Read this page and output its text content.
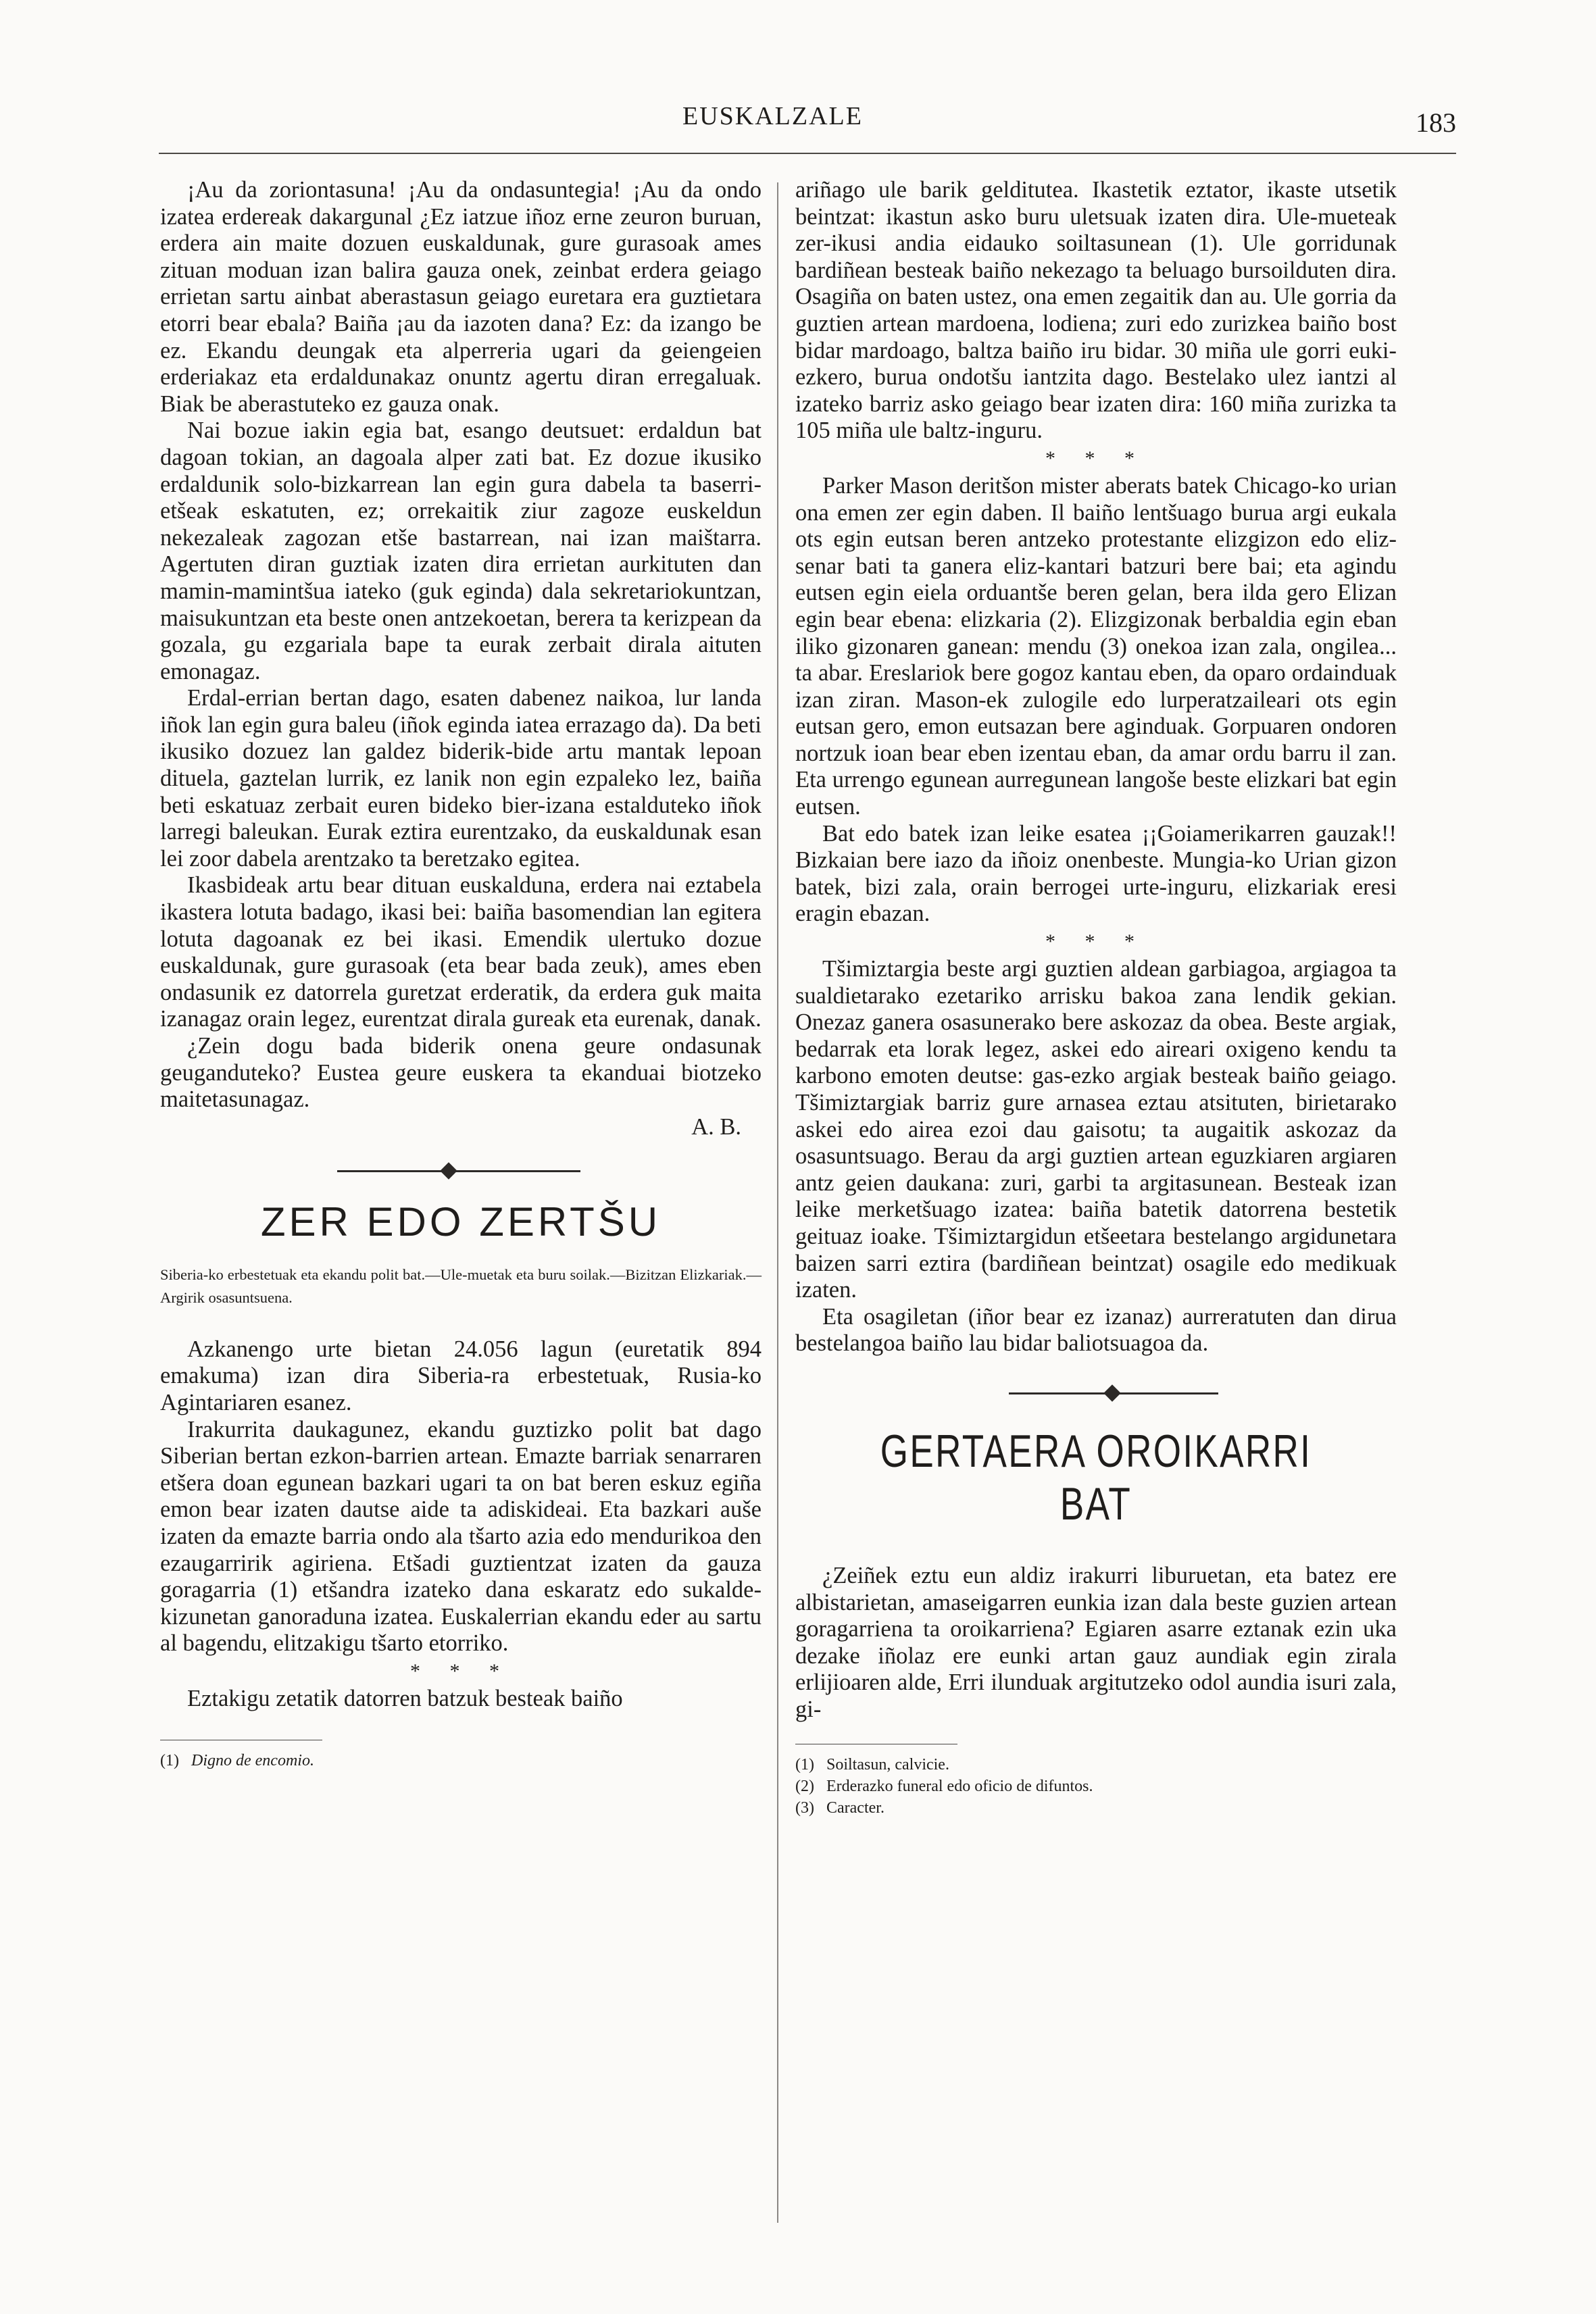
EUSKALZALE	183

¡Au da zoriontasuna! ¡Au da ondasuntegia! ¡Au da ondo izatea erdereak dakargunal ¿Ez iatzue iñoz erne zeuron buruan, erdera ain maite dozuen euskaldunak, gure gurasoak ames zituan moduan izan balira gauza onek, zeinbat erdera geiago errietan sartu ainbat aberastasun geiago euretara era guztietara etorri bear ebala? Baiña ¡au da iazoten dana? Ez: da izango be ez. Ekandu deungak eta alperreria ugari da geiengeien erderiakaz eta erdaldunakaz onuntz agertu diran erregaluak. Biak be aberastuteko ez gauza onak.

Nai bozue iakin egia bat, esango deutsuet: erdaldun bat dagoan tokian, an dagoala alper zati bat. Ez dozue ikusiko erdaldunik solo-bizkarrean lan egin gura dabela ta baserri-etšeak eskatuten, ez; orrekaitik ziur zagoze euskeldun nekezaleak zagozan etše bastarrean, nai izan maištarra. Agertuten diran guztiak izaten dira errietan aurkituten dan mamin-mamintšua iateko (guk eginda) dala sekretariokuntzan, maisukuntzan eta beste onen antzekoetan, berera ta kerizpean da gozala, gu ezgariala bape ta eurak zerbait dirala aituten emonagaz.

Erdal-errian bertan dago, esaten dabenez naikoa, lur landa iñok lan egin gura baleu (iñok eginda iatea errazago da). Da beti ikusiko dozuez lan galdez biderik-bide artu mantak lepoan dituela, gaztelan lurrik, ez lanik non egin ezpaleko lez, baiña beti eskatuaz zerbait euren bideko bier-izana estalduteko iñok larregi baleukan. Eurak eztira eurentzako, da euskaldunak esan lei zoor dabela arentzako ta beretzako egitea.

Ikasbideak artu bear dituan euskalduna, erdera nai eztabela ikastera lotuta badago, ikasi bei: baiña basomendian lan egitera lotuta dagoanak ez bei ikasi. Emendik ulertuko dozue euskaldunak, gure gurasoak (eta bear bada zeuk), ames eben ondasunik ez datorrela guretzat erderatik, da erdera guk maita izanagaz orain legez, eurentzat dirala gureak eta eurenak, danak.

¿Zein dogu bada biderik onena geure ondasunak geuganduteko? Eustea geure euskera ta ekanduai biotzeko maitetasunagaz.

A. B.

ZER EDO ZERTŠU

Siberia-ko erbestetuak eta ekandu polit bat.—Ule-muetak eta buru soilak.—Bizitzan Elizkariak.—Argirik osasuntsuena.

Azkanengo urte bietan 24.056 lagun (euretatik 894 emakuma) izan dira Siberia-ra erbestetuak, Rusia-ko Agintariaren esanez.

Irakurrita daukagunez, ekandu guztizko polit bat dago Siberian bertan ezkon-barrien artean. Emazte barriak senarraren etšera doan egunean bazkari ugari ta on bat beren eskuz egiña emon bear izaten dautse aide ta adiskideai. Eta bazkari auše izaten da emazte barria ondo ala tšarto azia edo mendurikoa den ezaugarririk agiriena. Etšadi guztientzat izaten da gauza goragarria (1) etšandra izateko dana eskaratz edo sukalde-kizunetan ganoraduna izatea. Euskalerrian ekandu eder au sartu al bagendu, elitzakigu tšarto etorriko.

* * *

Eztakigu zetatik datorren batzuk besteak baiño

(1) Digno de encomio.

ariñago ule barik gelditutea. Ikastetik eztator, ikaste utsetik beintzat: ikastun asko buru uletsuak izaten dira. Ule-mueteak zer-ikusi andia eidauko soiltasunean (1). Ule gorridunak bardiñean besteak baiño nekezago ta beluago bursoilduten dira. Osagiña on baten ustez, ona emen zegaitik dan au. Ule gorria da guztien artean mardoena, lodiena; zuri edo zurizkea baiño bost bidar mardoago, baltza baiño iru bidar. 30 miña ule gorri euki-ezkero, burua ondotšu iantzita dago. Bestelako ulez iantzi al izateko barriz asko geiago bear izaten dira: 160 miña zurizka ta 105 miña ule baltz-inguru.

* * *

Parker Mason deritšon mister aberats batek Chicago-ko urian ona emen zer egin daben. Il baiño lentšuago burua argi eukala ots egin eutsan beren antzeko protestante elizgizon edo eliz-senar bati ta ganera eliz-kantari batzuri bere bai; eta agindu eutsen egin eiela orduantše beren gelan, bera ilda gero Elizan egin bear ebena: elizkaria (2). Elizgizonak berbaldia egin eban iliko gizonaren ganean: mendu (3) onekoa izan zala, ongilea... ta abar. Ereslariok bere gogoz kantau eben, da oparo ordainduak izan ziran. Mason-ek zulogile edo lurperatzaileari ots egin eutsan gero, emon eutsazan bere aginduak. Gorpuaren ondoren nortzuk ioan bear eben izentau eban, da amar ordu barru il zan. Eta urrengo egunean aurregunean langoše beste elizkari bat egin eutsen.

Bat edo batek izan leike esatea ¡¡Goiamerikarren gauzak!! Bizkaian bere iazo da iñoiz onenbeste. Mungia-ko Urian gizon batek, bizi zala, orain berrogei urte-inguru, elizkariak eresi eragin ebazan.

* * *

Tšimiztargia beste argi guztien aldean garbiagoa, argiagoa ta sualdietarako ezetariko arrisku bakoa zana lendik gekian. Onezaz ganera osasunerako bere askozaz da obea. Beste argiak, bedarrak eta lorak legez, askei edo aireari oxigeno kendu ta karbono emoten deutse: gas-ezko argiak besteak baiño geiago. Tšimiztargiak barriz gure arnasea eztau atsituten, birietarako askei edo airea ezoi dau gaisotu; ta augaitik askozaz da osasuntsuago. Berau da argi guztien artean eguzkiaren argiaren antz geien daukana: zuri, garbi ta argitasunean. Besteak izan leike merketšuago izatea: baiña batetik datorrena bestetik geituaz ioake. Tšimiztargidun etšeetara bestelango argidunetara baizen sarri eztira (bardiñean beintzat) osagile edo medikuak izaten.

Eta osagiletan (iñor bear ez izanaz) aurreratuten dan dirua bestelangoa baiño lau bidar baliotsuagoa da.

GERTAERA OROIKARRI BAT

¿Zeiñek eztu eun aldiz irakurri liburuetan, eta batez ere albistarietan, amaseigarren eunkia izan dala beste guzien artean goragarriena ta oroikarriena? Egiaren asarre eztanak ezin uka dezake iñolaz ere eunki artan gauz aundiak egin zirala erlijioaren alde, Erri ilunduak argitutzeko odol aundia isuri zala, gi-

(1) Soiltasun, calvicie.
(2) Erderazko funeral edo oficio de difuntos.
(3) Caracter.
